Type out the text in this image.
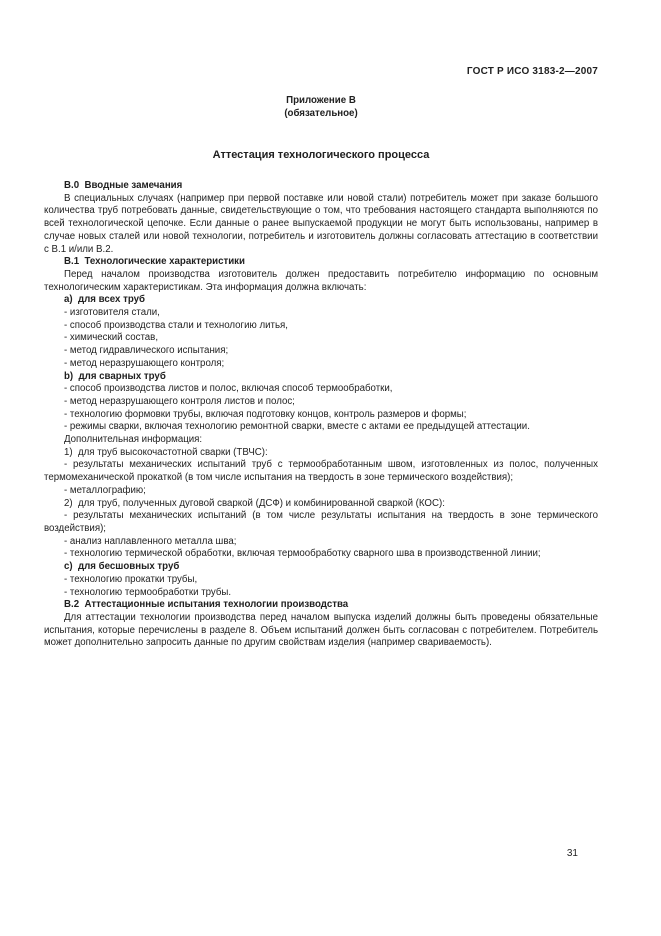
ГОСТ Р ИСО 3183-2—2007
Приложение В
(обязательное)
Аттестация технологического процесса

В.0  Вводные замечания

В специальных случаях (например при первой поставке или новой стали) потребитель может при заказе большого количества труб потребовать данные, свидетельствующие о том, что требования настоящего стандарта выполняются по всей технологической цепочке. Если данные о ранее выпускаемой продукции не могут быть использованы, например в случае новых сталей или новой технологии, потребитель и изготовитель должны согласовать аттестацию в соответствии с В.1 и/или В.2.

В.1  Технологические характеристики

Перед началом производства изготовитель должен предоставить потребителю информацию по основным технологическим характеристикам. Эта информация должна включать:

a)  для всех труб

- изготовителя стали,

- способ производства стали и технологию литья,

- химический состав,

- метод гидравлического испытания;

- метод неразрушающего контроля;

b)  для сварных труб

- способ производства листов и полос, включая способ термообработки,

- метод неразрушающего контроля листов и полос;

- технологию формовки трубы, включая подготовку концов, контроль размеров и формы;

- режимы сварки, включая технологию ремонтной сварки, вместе с актами ее предыдущей аттестации.

Дополнительная информация:

1)  для труб высокочастотной сварки (ТВЧС):

- результаты механических испытаний труб с термообработанным швом, изготовленных из полос, полученных термомеханической прокаткой (в том числе испытания на твердость в зоне термического воздействия);

- металлографию;

2)  для труб, полученных дуговой сваркой (ДСФ) и комбинированной сваркой (КОС):

- результаты механических испытаний (в том числе результаты испытания на твердость в зоне термического воздействия);

- анализ наплавленного металла шва;

- технологию термической обработки, включая термообработку сварного шва в производственной линии;

c)  для бесшовных труб

- технологию прокатки трубы,

- технологию термообработки трубы.

В.2  Аттестационные испытания технологии производства

Для аттестации технологии производства перед началом выпуска изделий должны быть проведены обязательные испытания, которые перечислены в разделе 8. Объем испытаний должен быть согласован с потребителем. Потребитель может дополнительно запросить данные по другим свойствам изделия (например свариваемость).

31
